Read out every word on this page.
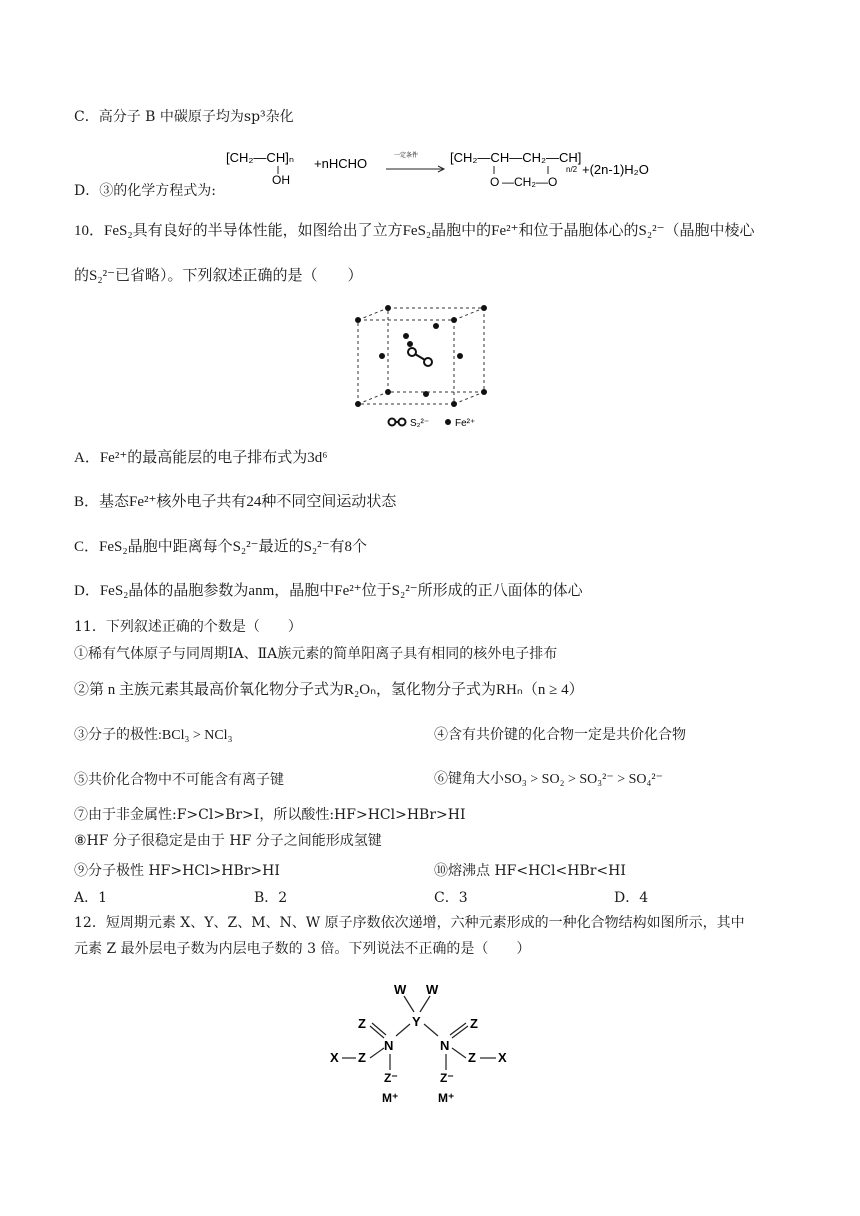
C．高分子 B 中碳原子均为sp³杂化
D．③的化学方程式为:
[CH₂—CH]ₙ
OH
+nHCHO	一定条件 [CH₂—CH—CH₂—CH]
O —CH₂—O
n/2 +(2n-1)H₂O
10．FeS₂具有良好的半导体性能，如图给出了立方FeS₂晶胞中的Fe²⁺和位于晶胞体心的S₂²⁻（晶胞中棱心
的S₂²⁻已省略）。下列叙述正确的是（　　）
S₂²⁻	Fe²⁺
A．Fe²⁺的最高能层的电子排布式为3d⁶
B．基态Fe²⁺核外电子共有24种不同空间运动状态
C．FeS₂晶胞中距离每个S₂²⁻最近的S₂²⁻有8个
D．FeS₂晶体的晶胞参数为anm，晶胞中Fe²⁺位于S₂²⁻所形成的正八面体的体心
11．下列叙述正确的个数是（　　）
①稀有气体原子与同周期ⅠA、ⅡA族元素的简单阳离子具有相同的核外电子排布
②第 n 主族元素其最高价氧化物分子式为R₂Oₙ，氢化物分子式为RHₙ（n ≥ 4）
③分子的极性:BCl₃ > NCl₃	④含有共价键的化合物一定是共价化合物
⑤共价化合物中不可能含有离子键	⑥键角大小SO₃ > SO₂ > SO₃²⁻ > SO₄²⁻
⑦由于非金属性:F>Cl>Br>I，所以酸性:HF>HCl>HBr>HI
⑧HF 分子很稳定是由于 HF 分子之间能形成氢键
⑨分子极性 HF>HCl>HBr>HI	⑩熔沸点 HF<HCl<HBr<HI
A．1	B．2	C．3	D．4
12．短周期元素 X、Y、Z、M、N、W 原子序数依次递增，六种元素形成的一种化合物结构如图所示，其中
元素 Z 最外层电子数为内层电子数的 3 倍。下列说法不正确的是（　　）
W W
Y
N
Z
Z
X
Z⁻
M⁺
N
Z
Z X
Z⁻
M⁺
